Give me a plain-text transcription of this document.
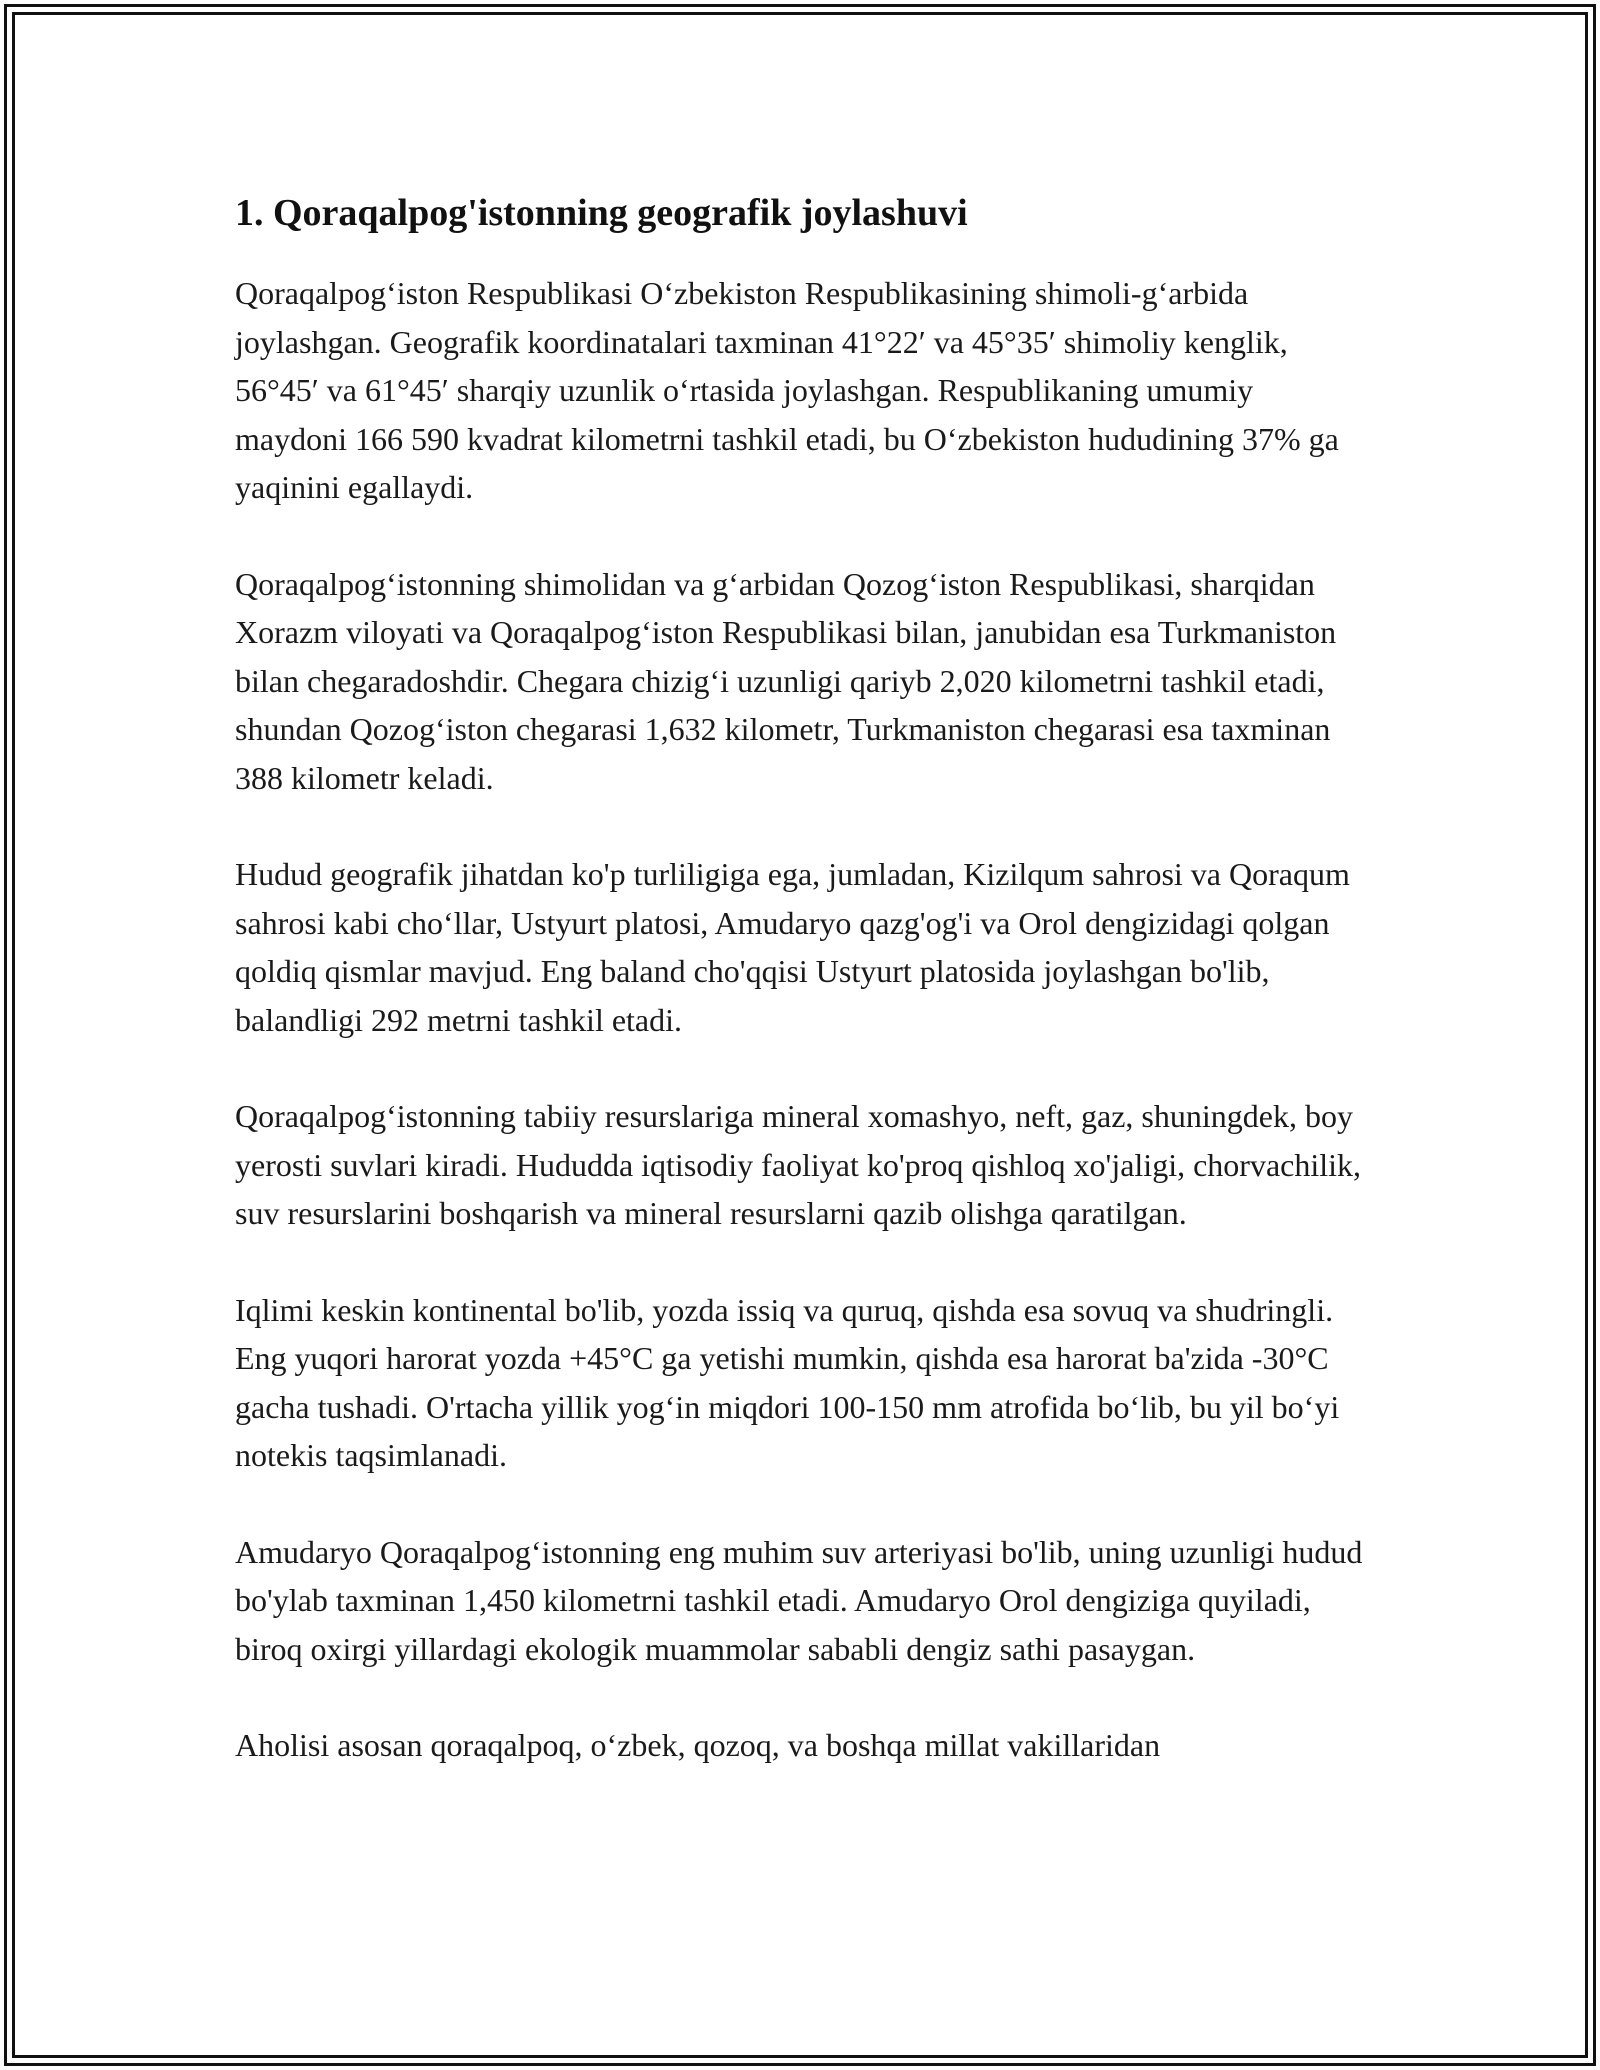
1. Qoraqalpog'istonning geografik joylashuvi

Qoraqalpog‘iston Respublikasi O‘zbekiston Respublikasining shimoli-g‘arbida joylashgan. Geografik koordinatalari taxminan 41°22′ va 45°35′ shimoliy kenglik, 56°45′ va 61°45′ sharqiy uzunlik o‘rtasida joylashgan. Respublikaning umumiy maydoni 166 590 kvadrat kilometrni tashkil etadi, bu O‘zbekiston hududining 37% ga yaqinini egallaydi.

Qoraqalpog‘istonning shimolidan va g‘arbidan Qozog‘iston Respublikasi, sharqidan Xorazm viloyati va Qoraqalpog‘iston Respublikasi bilan, janubidan esa Turkmaniston bilan chegaradoshdir. Chegara chizig‘i uzunligi qariyb 2,020 kilometrni tashkil etadi, shundan Qozog‘iston chegarasi 1,632 kilometr, Turkmaniston chegarasi esa taxminan 388 kilometr keladi.

Hudud geografik jihatdan ko'p turliligiga ega, jumladan, Kizilqum sahrosi va Qoraqum sahrosi kabi cho‘llar, Ustyurt platosi, Amudaryo qazg'og'i va Orol dengizidagi qolgan qoldiq qismlar mavjud. Eng baland cho'qqisi Ustyurt platosida joylashgan bo'lib, balandligi 292 metrni tashkil etadi.

Qoraqalpog‘istonning tabiiy resurslariga mineral xomashyo, neft, gaz, shuningdek, boy yerosti suvlari kiradi. Hududda iqtisodiy faoliyat ko'proq qishloq xo'jaligi, chorvachilik, suv resurslarini boshqarish va mineral resurslarni qazib olishga qaratilgan.

Iqlimi keskin kontinental bo'lib, yozda issiq va quruq, qishda esa sovuq va shudringli. Eng yuqori harorat yozda +45°C ga yetishi mumkin, qishda esa harorat ba'zida -30°C gacha tushadi. O'rtacha yillik yog‘in miqdori 100-150 mm atrofida bo‘lib, bu yil bo‘yi notekis taqsimlanadi.

Amudaryo Qoraqalpog‘istonning eng muhim suv arteriyasi bo'lib, uning uzunligi hudud bo'ylab taxminan 1,450 kilometrni tashkil etadi. Amudaryo Orol dengiziga quyiladi, biroq oxirgi yillardagi ekologik muammolar sababli dengiz sathi pasaygan.

Aholisi asosan qoraqalpoq, o‘zbek, qozoq, va boshqa millat vakillaridan
